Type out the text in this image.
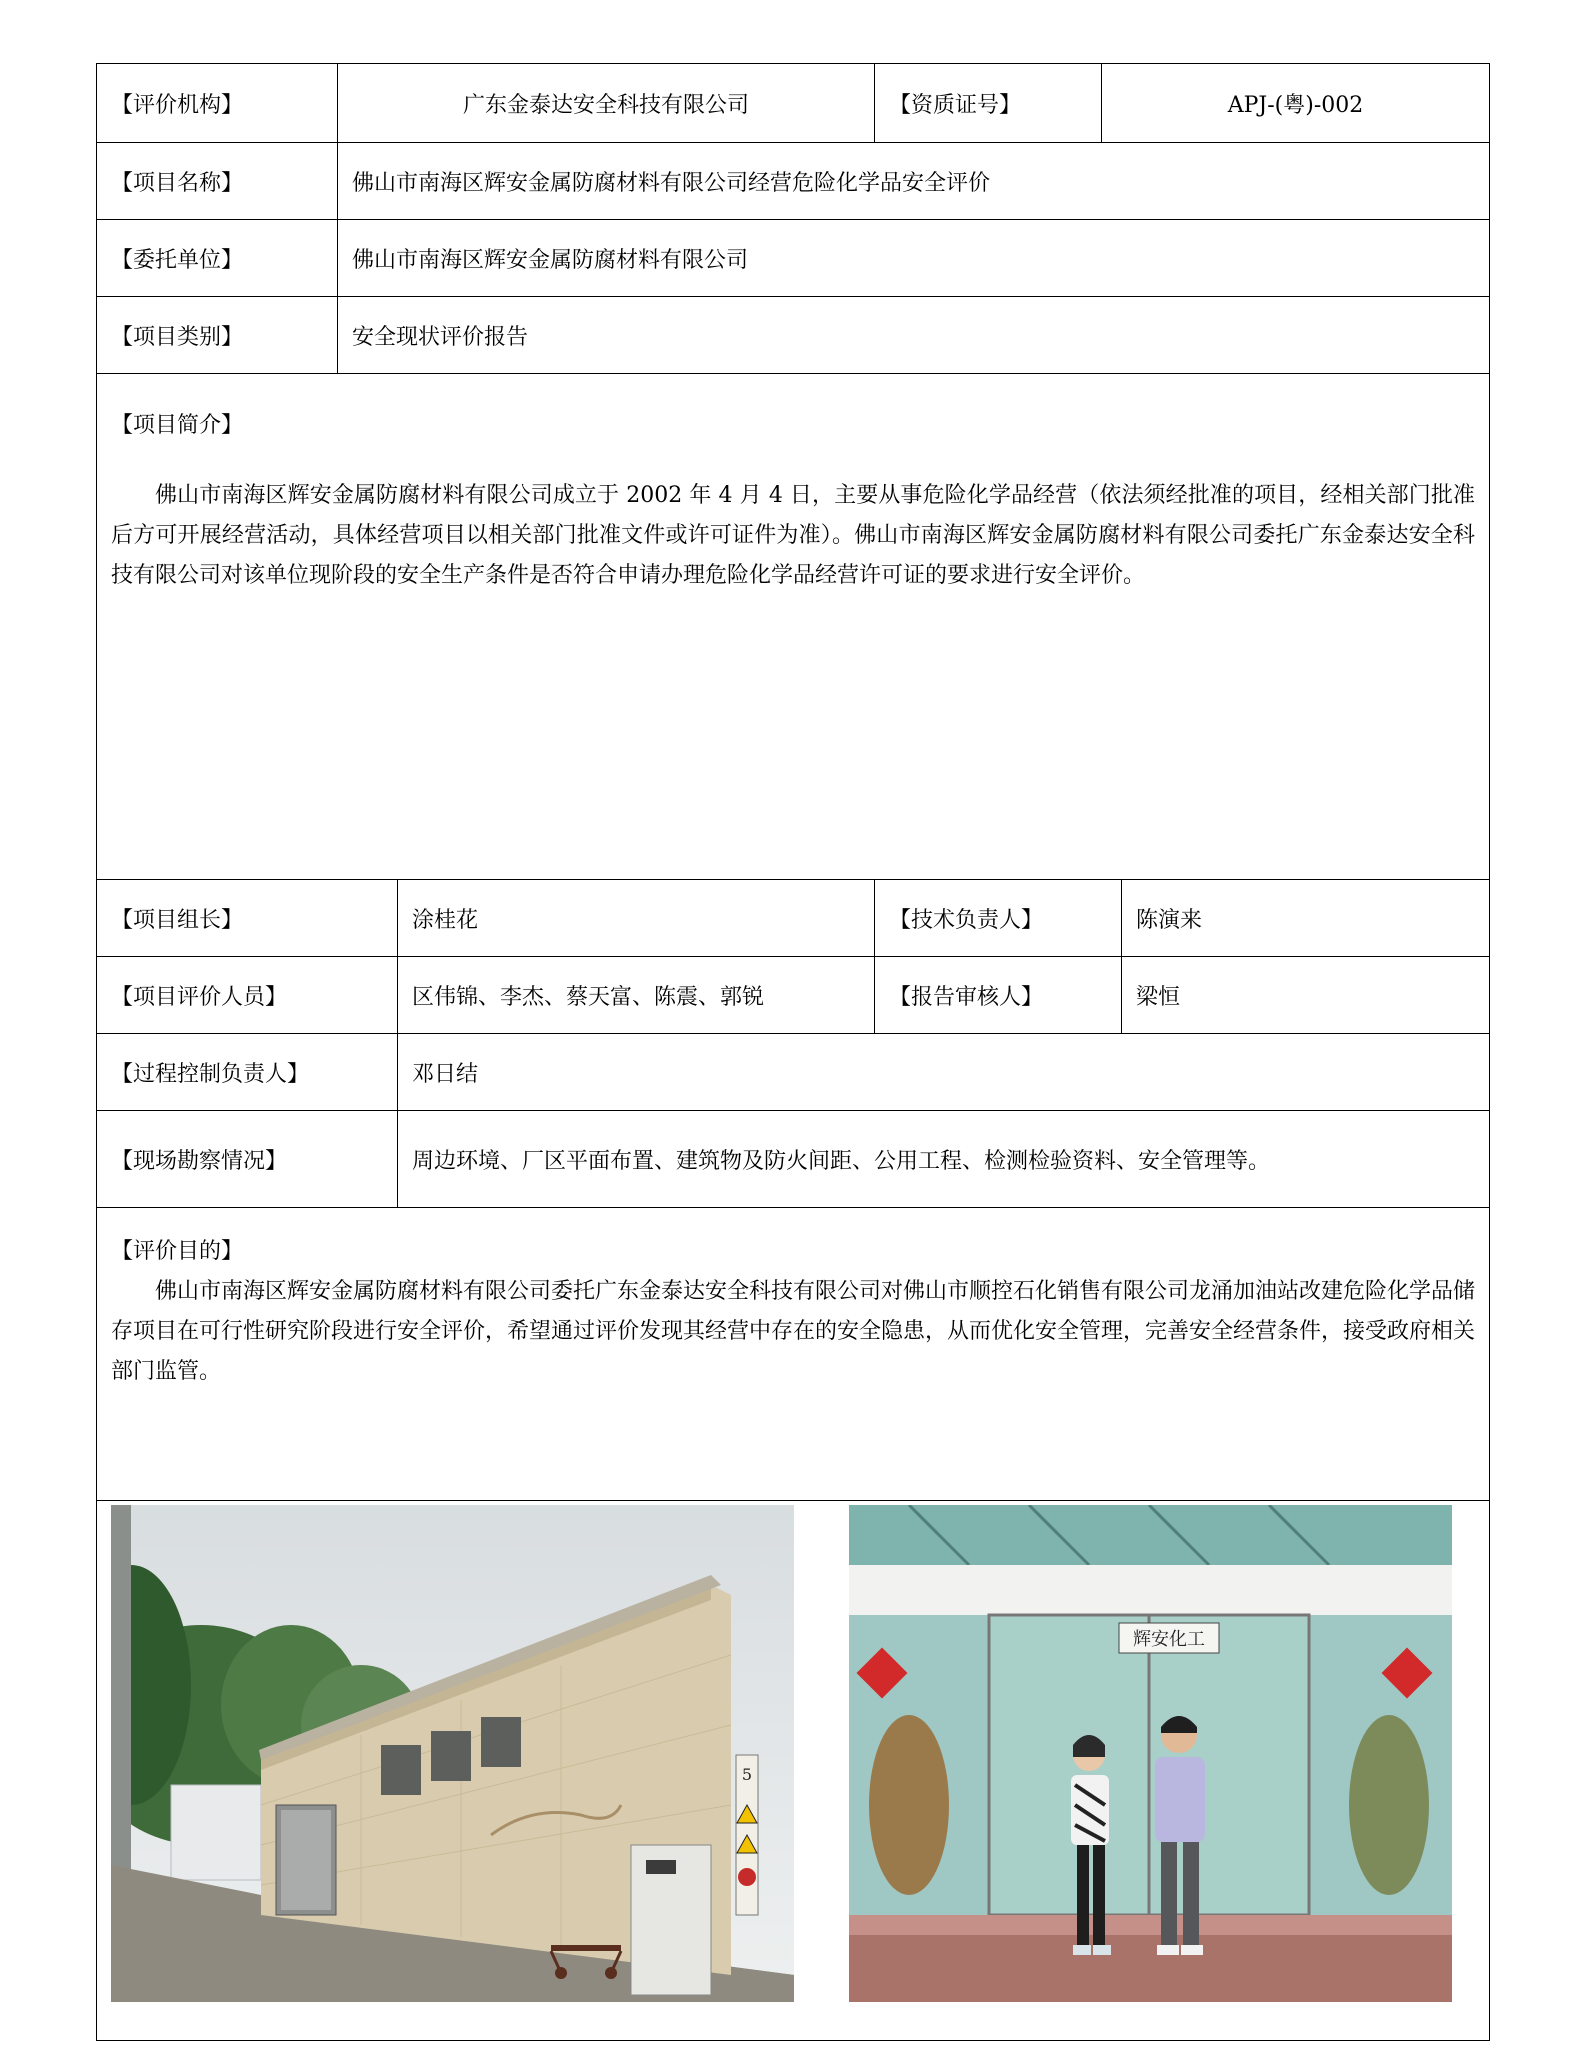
【评价机构】	广东金泰达安全科技有限公司	【资质证号】	APJ-(粤)-002
【项目名称】	佛山市南海区辉安金属防腐材料有限公司经营危险化学品安全评价
【委托单位】	佛山市南海区辉安金属防腐材料有限公司
【项目类别】	安全现状评价报告
【项目简介】

佛山市南海区辉安金属防腐材料有限公司成立于 2002 年 4 月 4 日，主要从事危险化学品经营（依法须经批准的项目，经相关部门批准后方可开展经营活动，具体经营项目以相关部门批准文件或许可证件为准）。佛山市南海区辉安金属防腐材料有限公司委托广东金泰达安全科技有限公司对该单位现阶段的安全生产条件是否符合申请办理危险化学品经营许可证的要求进行安全评价。

【项目组长】	涂桂花	【技术负责人】	陈演来
【项目评价人员】	区伟锦、李杰、蔡天富、陈震、郭锐	【报告审核人】	梁恒
【过程控制负责人】	邓日结
【现场勘察情况】	周边环境、厂区平面布置、建筑物及防火间距、公用工程、检测检验资料、安全管理等。
【评价目的】

佛山市南海区辉安金属防腐材料有限公司委托广东金泰达安全科技有限公司对佛山市顺控石化销售有限公司龙涌加油站改建危险化学品储存项目在可行性研究阶段进行安全评价，希望通过评价发现其经营中存在的安全隐患，从而优化安全管理，完善安全经营条件，接受政府相关部门监管。

5
辉安化工
